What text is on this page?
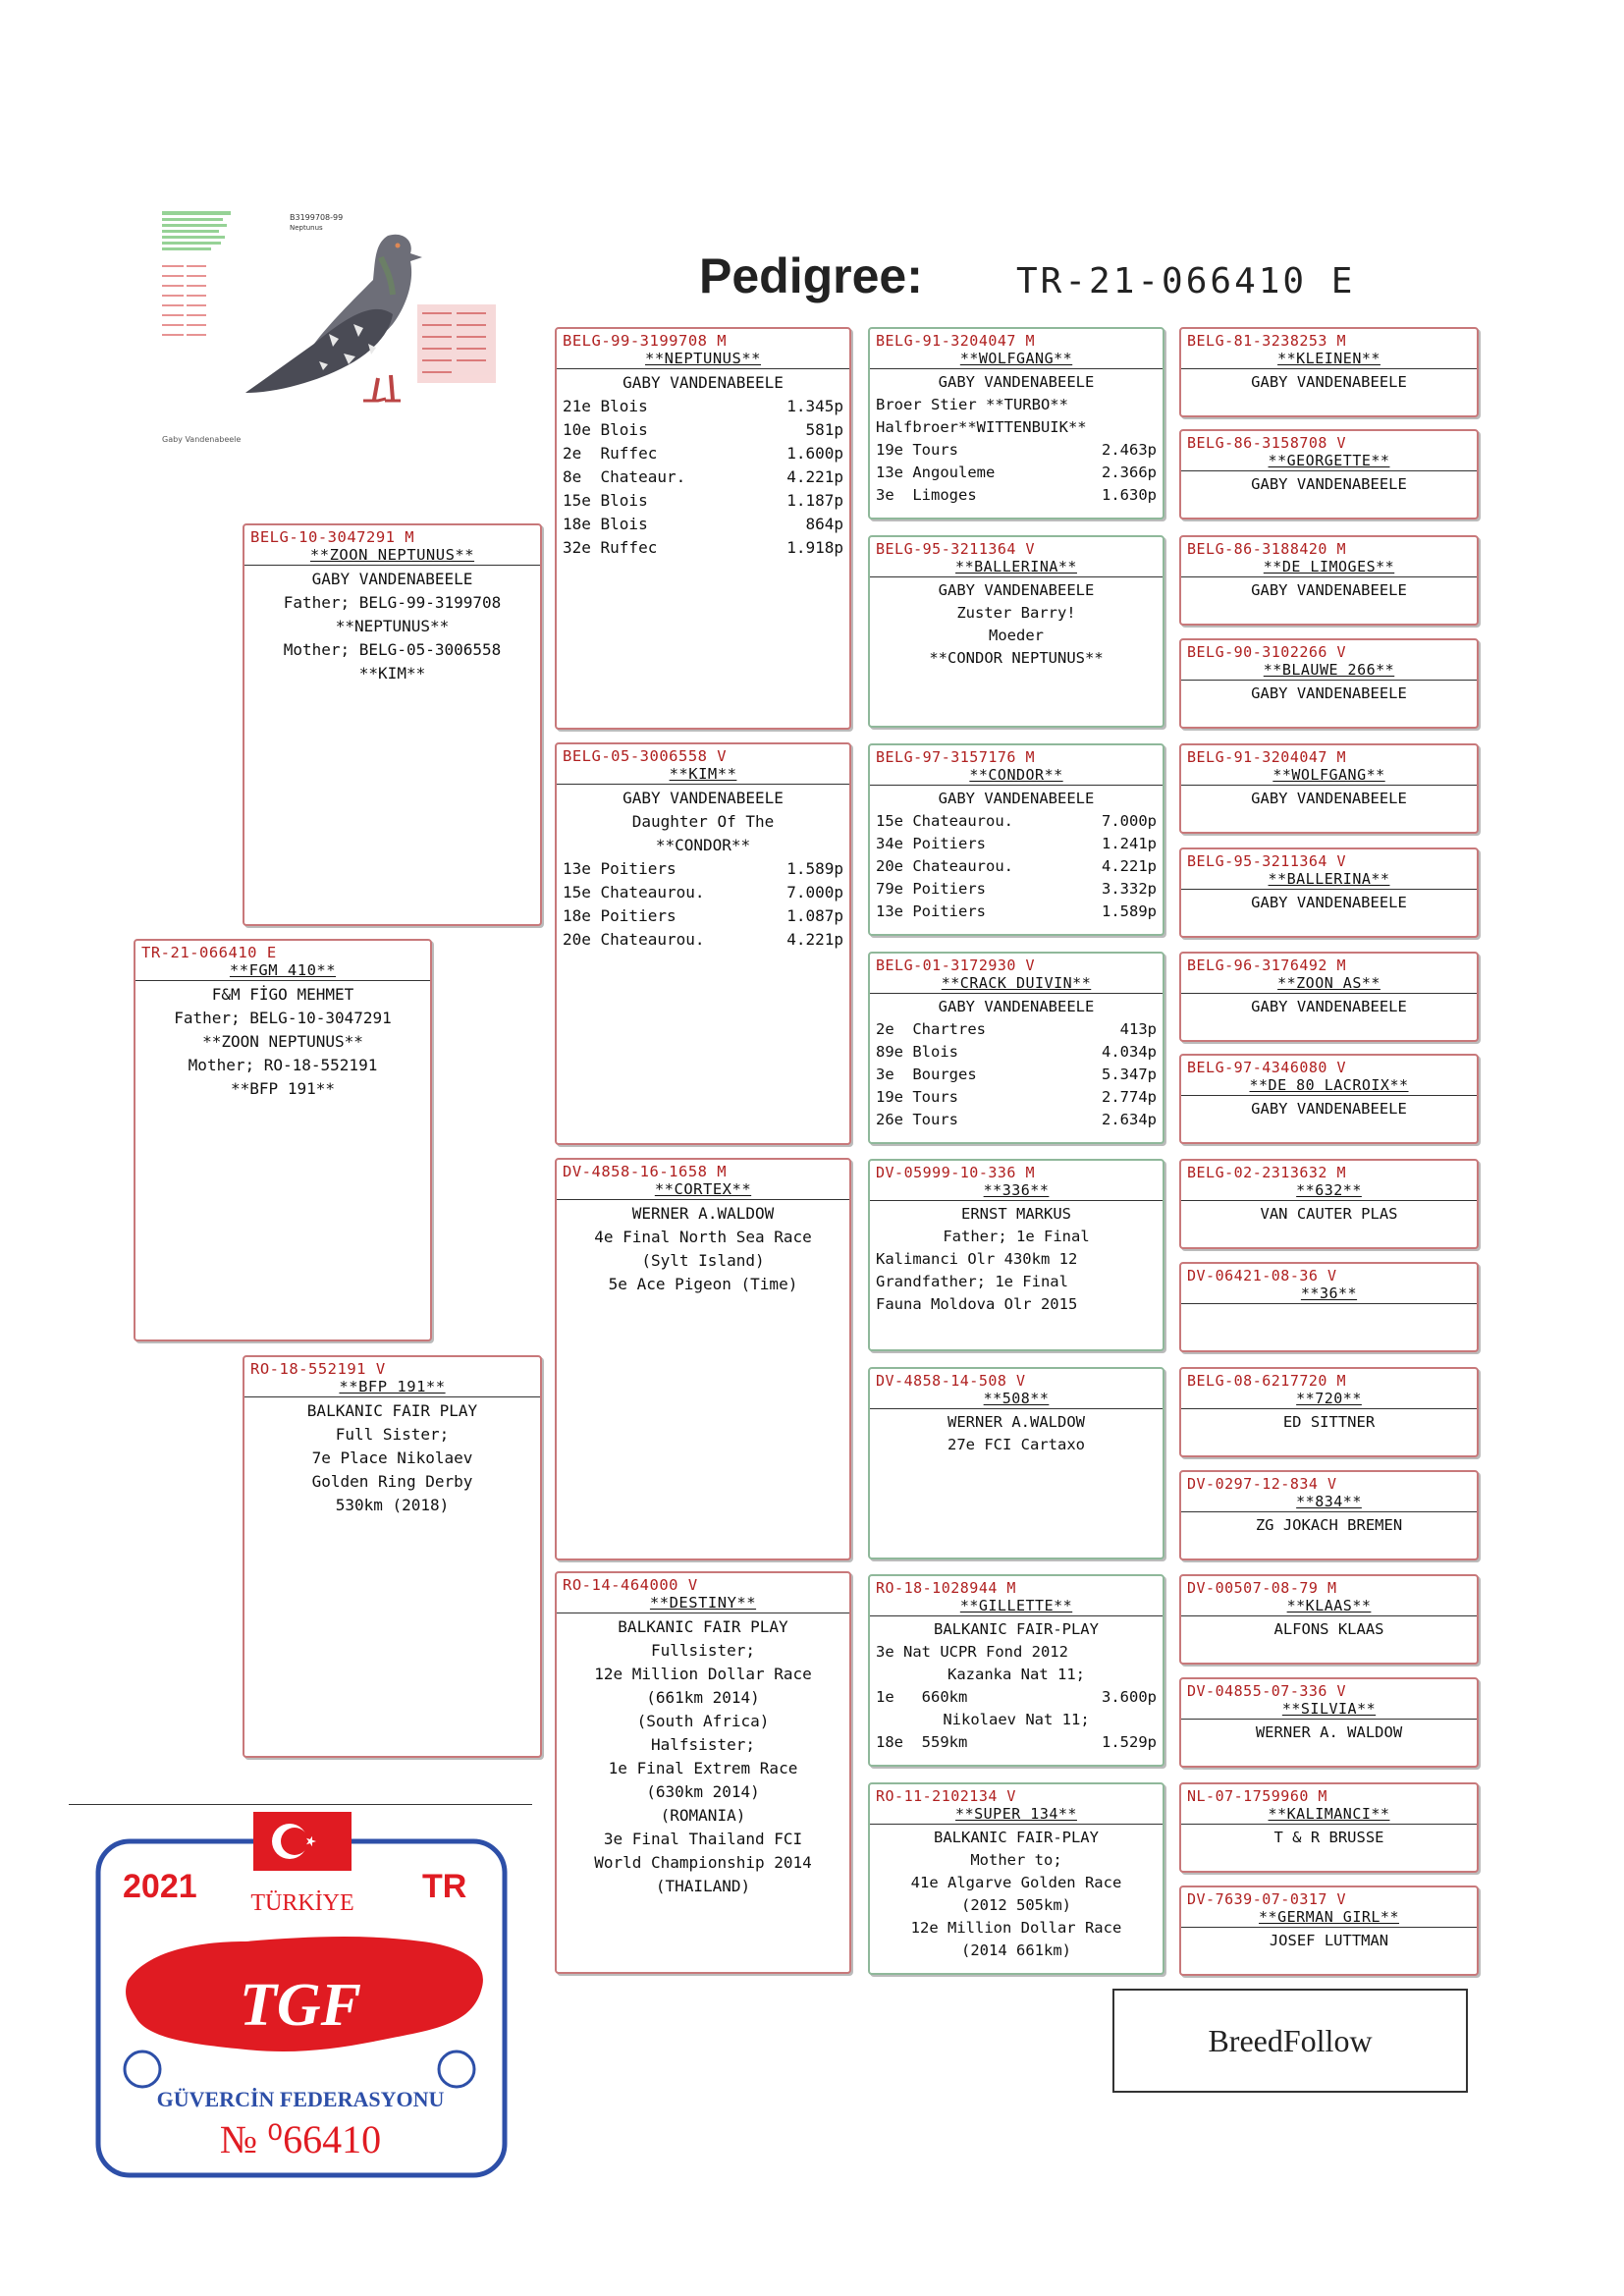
Pedigree:	TR-21-066410 E
B3199708-99
Neptunus
Gaby Vandenabeele
TR-21-066410 E
**FGM 410**
F&M FİGO MEHMET
Father; BELG-10-3047291
**ZOON NEPTUNUS**
Mother; RO-18-552191
**BFP 191**
BELG-10-3047291 M
**ZOON NEPTUNUS**
GABY VANDENABEELE
Father; BELG-99-3199708
**NEPTUNUS**
Mother; BELG-05-3006558
**KIM**
RO-18-552191 V
**BFP 191**
BALKANIC FAIR PLAY
Full Sister;
7e Place Nikolaev
Golden Ring Derby
530km (2018)
BELG-99-3199708 M
**NEPTUNUS**
GABY VANDENABEELE
21e Blois	1.345p
10e Blois	581p
2e  Ruffec	1.600p
8e  Chateaur.	4.221p
15e Blois	1.187p
18e Blois	864p
32e Ruffec	1.918p
BELG-05-3006558 V
**KIM**
GABY VANDENABEELE
Daughter Of The
**CONDOR**
13e Poitiers	1.589p
15e Chateaurou.	7.000p
18e Poitiers	1.087p
20e Chateaurou.	4.221p
DV-4858-16-1658 M
**CORTEX**
WERNER A.WALDOW
4e Final North Sea Race
(Sylt Island)
5e Ace Pigeon (Time)
RO-14-464000 V
**DESTINY**
BALKANIC FAIR PLAY
Fullsister;
12e Million Dollar Race
(661km 2014)
(South Africa)
Halfsister;
1e Final Extrem Race
(630km 2014)
(ROMANIA)
3e Final Thailand FCI
World Championship 2014
(THAILAND)
BELG-91-3204047 M
**WOLFGANG**
GABY VANDENABEELE
Broer Stier **TURBO**
Halfbroer**WITTENBUIK**
19e Tours	2.463p
13e Angouleme	2.366p
3e  Limoges	1.630p
BELG-95-3211364 V
**BALLERINA**
GABY VANDENABEELE
Zuster Barry!
Moeder
**CONDOR NEPTUNUS**
BELG-97-3157176 M
**CONDOR**
GABY VANDENABEELE
15e Chateaurou.	7.000p
34e Poitiers	1.241p
20e Chateaurou.	4.221p
79e Poitiers	3.332p
13e Poitiers	1.589p
BELG-01-3172930 V
**CRACK DUIVIN**
GABY VANDENABEELE
2e  Chartres	413p
89e Blois	4.034p
3e  Bourges	5.347p
19e Tours	2.774p
26e Tours	2.634p
DV-05999-10-336 M
**336**
ERNST MARKUS
Father; 1e Final
Kalimanci Olr 430km 12
Grandfather; 1e Final
Fauna Moldova Olr 2015
DV-4858-14-508 V
**508**
WERNER A.WALDOW
27e FCI Cartaxo
RO-18-1028944 M
**GILLETTE**
BALKANIC FAIR-PLAY
3e Nat UCPR Fond 2012
Kazanka Nat 11;
1e   660km	3.600p
Nikolaev Nat 11;
18e  559km	1.529p
RO-11-2102134 V
**SUPER 134**
BALKANIC FAIR-PLAY
Mother to;
41e Algarve Golden Race
(2012 505km)
12e Million Dollar Race
(2014 661km)
BELG-81-3238253 M
**KLEINEN**
GABY VANDENABEELE
BELG-86-3158708 V
**GEORGETTE**
GABY VANDENABEELE
BELG-86-3188420 M
**DE LIMOGES**
GABY VANDENABEELE
BELG-90-3102266 V
**BLAUWE 266**
GABY VANDENABEELE
BELG-91-3204047 M
**WOLFGANG**
GABY VANDENABEELE
BELG-95-3211364 V
**BALLERINA**
GABY VANDENABEELE
BELG-96-3176492 M
**ZOON AS**
GABY VANDENABEELE
BELG-97-4346080 V
**DE 80 LACROIX**
GABY VANDENABEELE
BELG-02-2313632 M
**632**
VAN CAUTER PLAS
DV-06421-08-36 V
**36**
BELG-08-6217720 M
**720**
ED SITTNER
DV-0297-12-834 V
**834**
ZG JOKACH BREMEN
DV-00507-08-79 M
**KLAAS**
ALFONS KLAAS
DV-04855-07-336 V
**SILVIA**
WERNER A. WALDOW
NL-07-1759960 M
**KALIMANCI**
T & R BRUSSE
DV-7639-07-0317 V
**GERMAN GIRL**
JOSEF LUTTMAN
2021	TR
TÜRKİYE
TGF
GÜVERCİN FEDERASYONU
№ ⁰66410
BreedFollow
